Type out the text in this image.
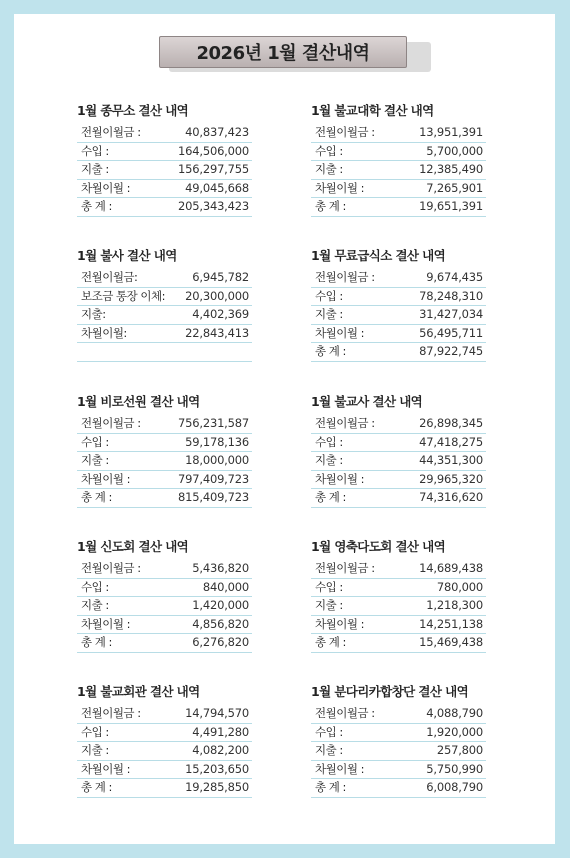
2026년 1월 결산내역
1월 종무소 결산 내역
전월이월금 :	40,837,423
수입 :	164,506,000
지출 :	156,297,755
차월이월 :	49,045,668
총 계 :	205,343,423
1월 불교대학 결산 내역
전월이월금 :	13,951,391
수입 :	5,700,000
지출 :	12,385,490
차월이월 :	7,265,901
총 계 :	19,651,391
1월 불사 결산 내역
전월이월금:	6,945,782
보조금 통장 이체: 20,300,000
지출:	4,402,369
차월이월:	22,843,413
1월 무료급식소 결산 내역
전월이월금 :	9,674,435
수입 :	78,248,310
지출 :	31,427,034
차월이월 :	56,495,711
총 계 :	87,922,745
1월 비로선원 결산 내역
전월이월금 :	756,231,587
수입 :	59,178,136
지출 :	18,000,000
차월이월 :	797,409,723
총 계 :	815,409,723
1월 불교사 결산 내역
전월이월금 :	26,898,345
수입 :	47,418,275
지출 :	44,351,300
차월이월 :	29,965,320
총 계 :	74,316,620
1월 신도회 결산 내역
전월이월금 :	5,436,820
수입 :	840,000
지출 :	1,420,000
차월이월 :	4,856,820
총 계 :	6,276,820
1월 영축다도회 결산 내역
전월이월금 :	14,689,438
수입 :	780,000
지출 :	1,218,300
차월이월 :	14,251,138
총 계 :	15,469,438
1월 불교회관 결산 내역
전월이월금 :	14,794,570
수입 :	4,491,280
지출 :	4,082,200
차월이월 :	15,203,650
총 계 :	19,285,850
1월 분다리카합창단 결산 내역
전월이월금 :	4,088,790
수입 :	1,920,000
지출 :	257,800
차월이월 :	5,750,990
총 계 :	6,008,790
